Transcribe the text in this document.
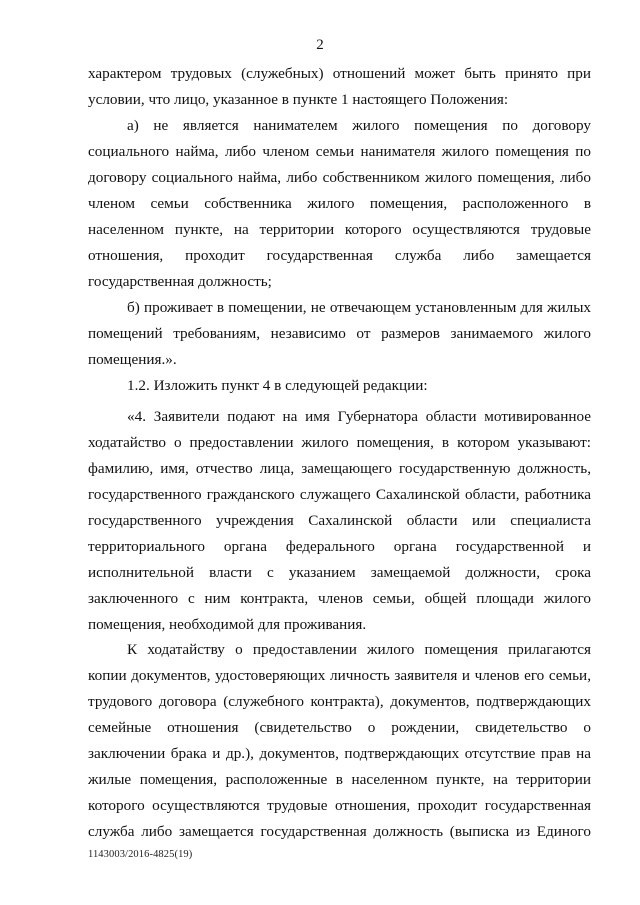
2
характером трудовых (служебных) отношений может быть принято при
условии, что лицо, указанное в пункте 1 настоящего Положения:
а) не является нанимателем жилого помещения по договору
социального найма, либо членом семьи нанимателя жилого помещения по
договору социального найма, либо собственником жилого помещения, либо
членом семьи собственника жилого помещения, расположенного в
населенном пункте, на территории которого осуществляются трудовые
отношения, проходит государственная служба либо замещается
государственная должность;
б) проживает в помещении, не отвечающем установленным для жилых
помещений требованиям, независимо от размеров занимаемого жилого
помещения.».
1.2. Изложить пункт 4 в следующей редакции:
«4. Заявители подают на имя Губернатора области мотивированное
ходатайство о предоставлении жилого помещения, в котором указывают:
фамилию, имя, отчество лица, замещающего государственную должность,
государственного гражданского служащего Сахалинской области, работника
государственного учреждения Сахалинской области или специалиста
территориального органа федерального органа государственной и
исполнительной власти с указанием замещаемой должности, срока
заключенного с ним контракта, членов семьи, общей площади жилого
помещения, необходимой для проживания.
К ходатайству о предоставлении жилого помещения прилагаются
копии документов, удостоверяющих личность заявителя и членов его семьи,
трудового договора (служебного контракта), документов, подтверждающих
семейные отношения (свидетельство о рождении, свидетельство о
заключении брака и др.), документов, подтверждающих отсутствие прав на
жилые помещения, расположенные в населенном пункте, на территории
которого осуществляются трудовые отношения, проходит государственная
служба либо замещается государственная должность (выписка из Единого
1143003/2016-4825(19)
